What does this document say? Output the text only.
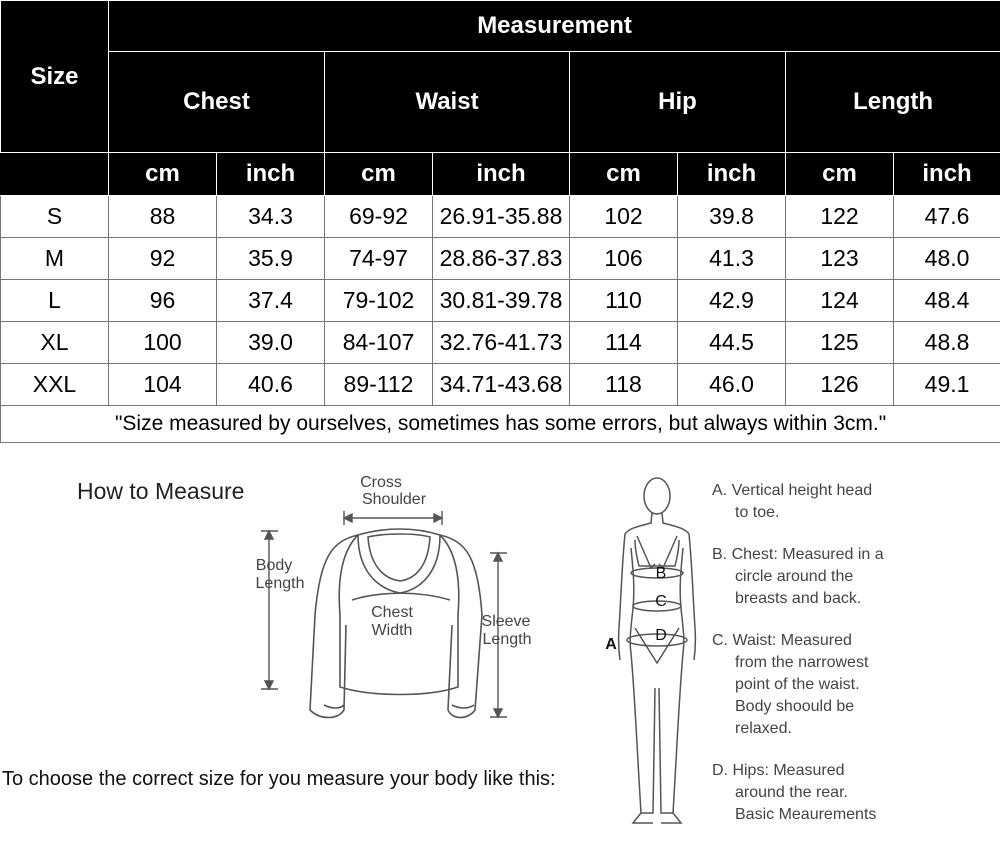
Size	Measurement							
	Chest		Waist		Hip		Length	
	cm	inch	cm	inch	cm	inch	cm	inch
S	88	34.3	69-92	26.91-35.88	102	39.8	122	47.6
M	92	35.9	74-97	28.86-37.83	106	41.3	123	48.0
L	96	37.4	79-102	30.81-39.78	110	42.9	124	48.4
XL	100	39.0	84-107	32.76-41.73	114	44.5	125	48.8
XXL	104	40.6	89-112	34.71-43.68	118	46.0	126	49.1
"Size measured by ourselves, sometimes has some errors, but always within 3cm."								
How to Measure	Cross
Shoulder
Body
Length
Chest
Width
Sleeve
Length
B
C
D
A

A. Vertical height head
to toe.

B. Chest: Measured in a
circle around the
breasts and back.

C. Waist: Measured
from the narrowest
point of the waist.
Body shoould be
relaxed.

D. Hips: Measured
around the rear.
Basic Meaurements

To choose the correct size for you measure your body like this:
